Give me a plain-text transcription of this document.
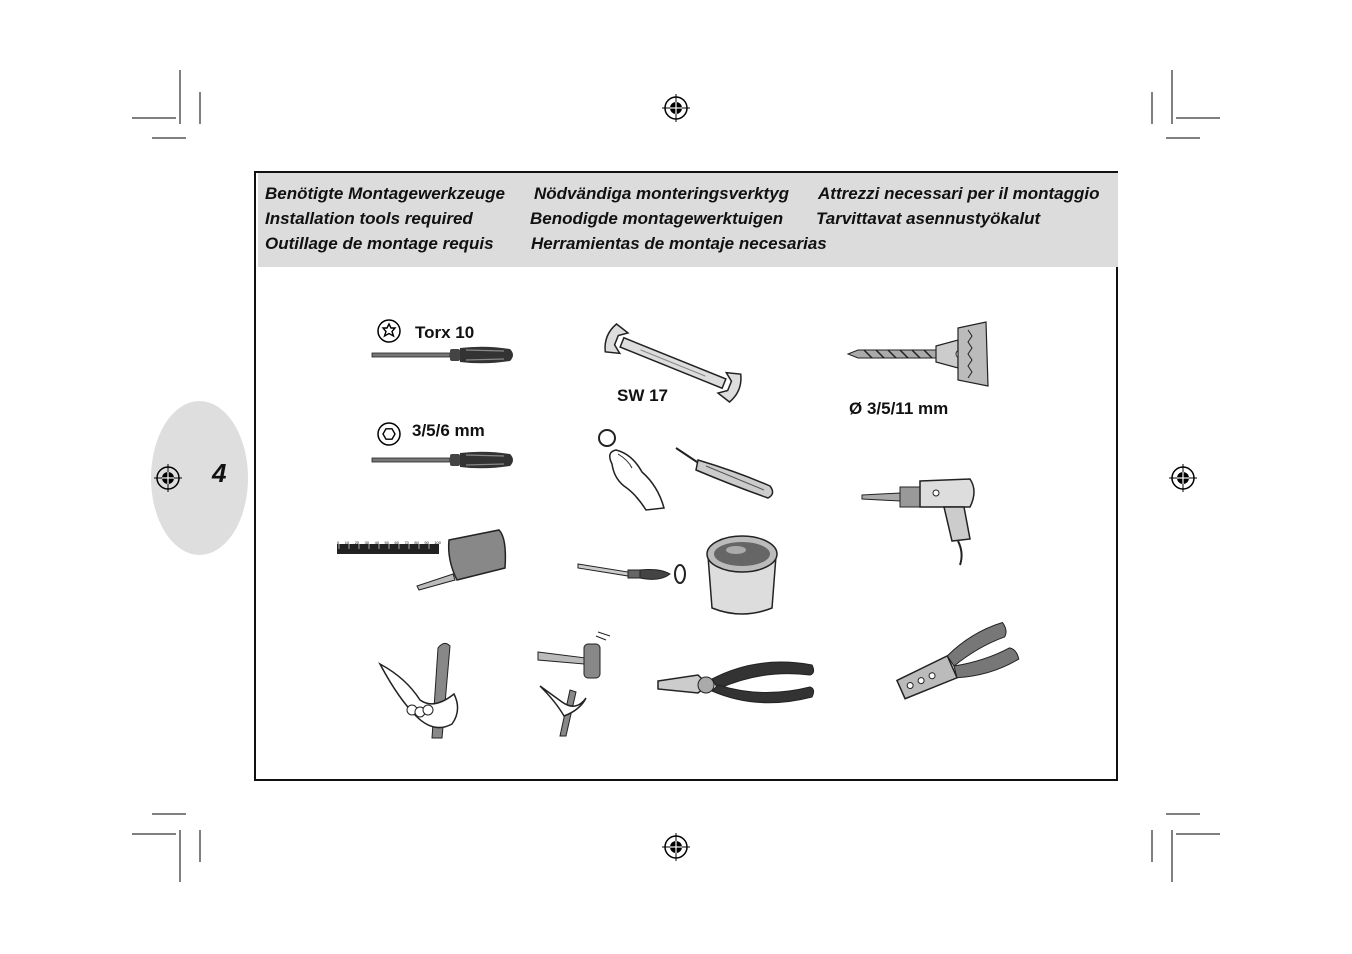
4
Benötigte Montagewerkzeuge Nödvändiga monteringsverktyg Attrezzi necessari per il montaggio
Installation tools required	Benodigde montagewerktuigen Tarvittavat asennustyökalut
Outillage de montage requis Herramientas de montaje necesarias
Torx 10
3/5/6 mm
SW 17
Ø 3/5/11 mm
0 10 20 30 40 50 60 70 80 90 100
